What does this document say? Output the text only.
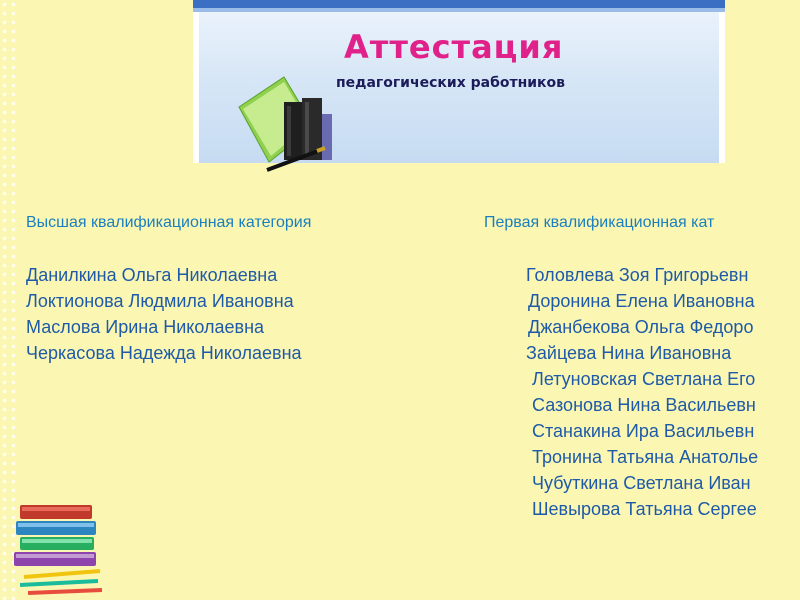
Аттестация
педагогических работников
Высшая квалификационная категория	Первая квалификационная кат
Данилкина Ольга Николаевна
Локтионова Людмила Ивановна
Маслова Ирина Николаевна
Черкасова Надежда Николаевна
Головлева Зоя Григорьевн
Доронина Елена Ивановна
Джанбекова Ольга Федоро
Зайцева Нина Ивановна
Летуновская Светлана Его
Сазонова Нина Васильевн
Станакина Ира Васильевн
Тронина Татьяна Анатолье
Чубуткина Светлана Иван
Шевырова Татьяна Сергее
